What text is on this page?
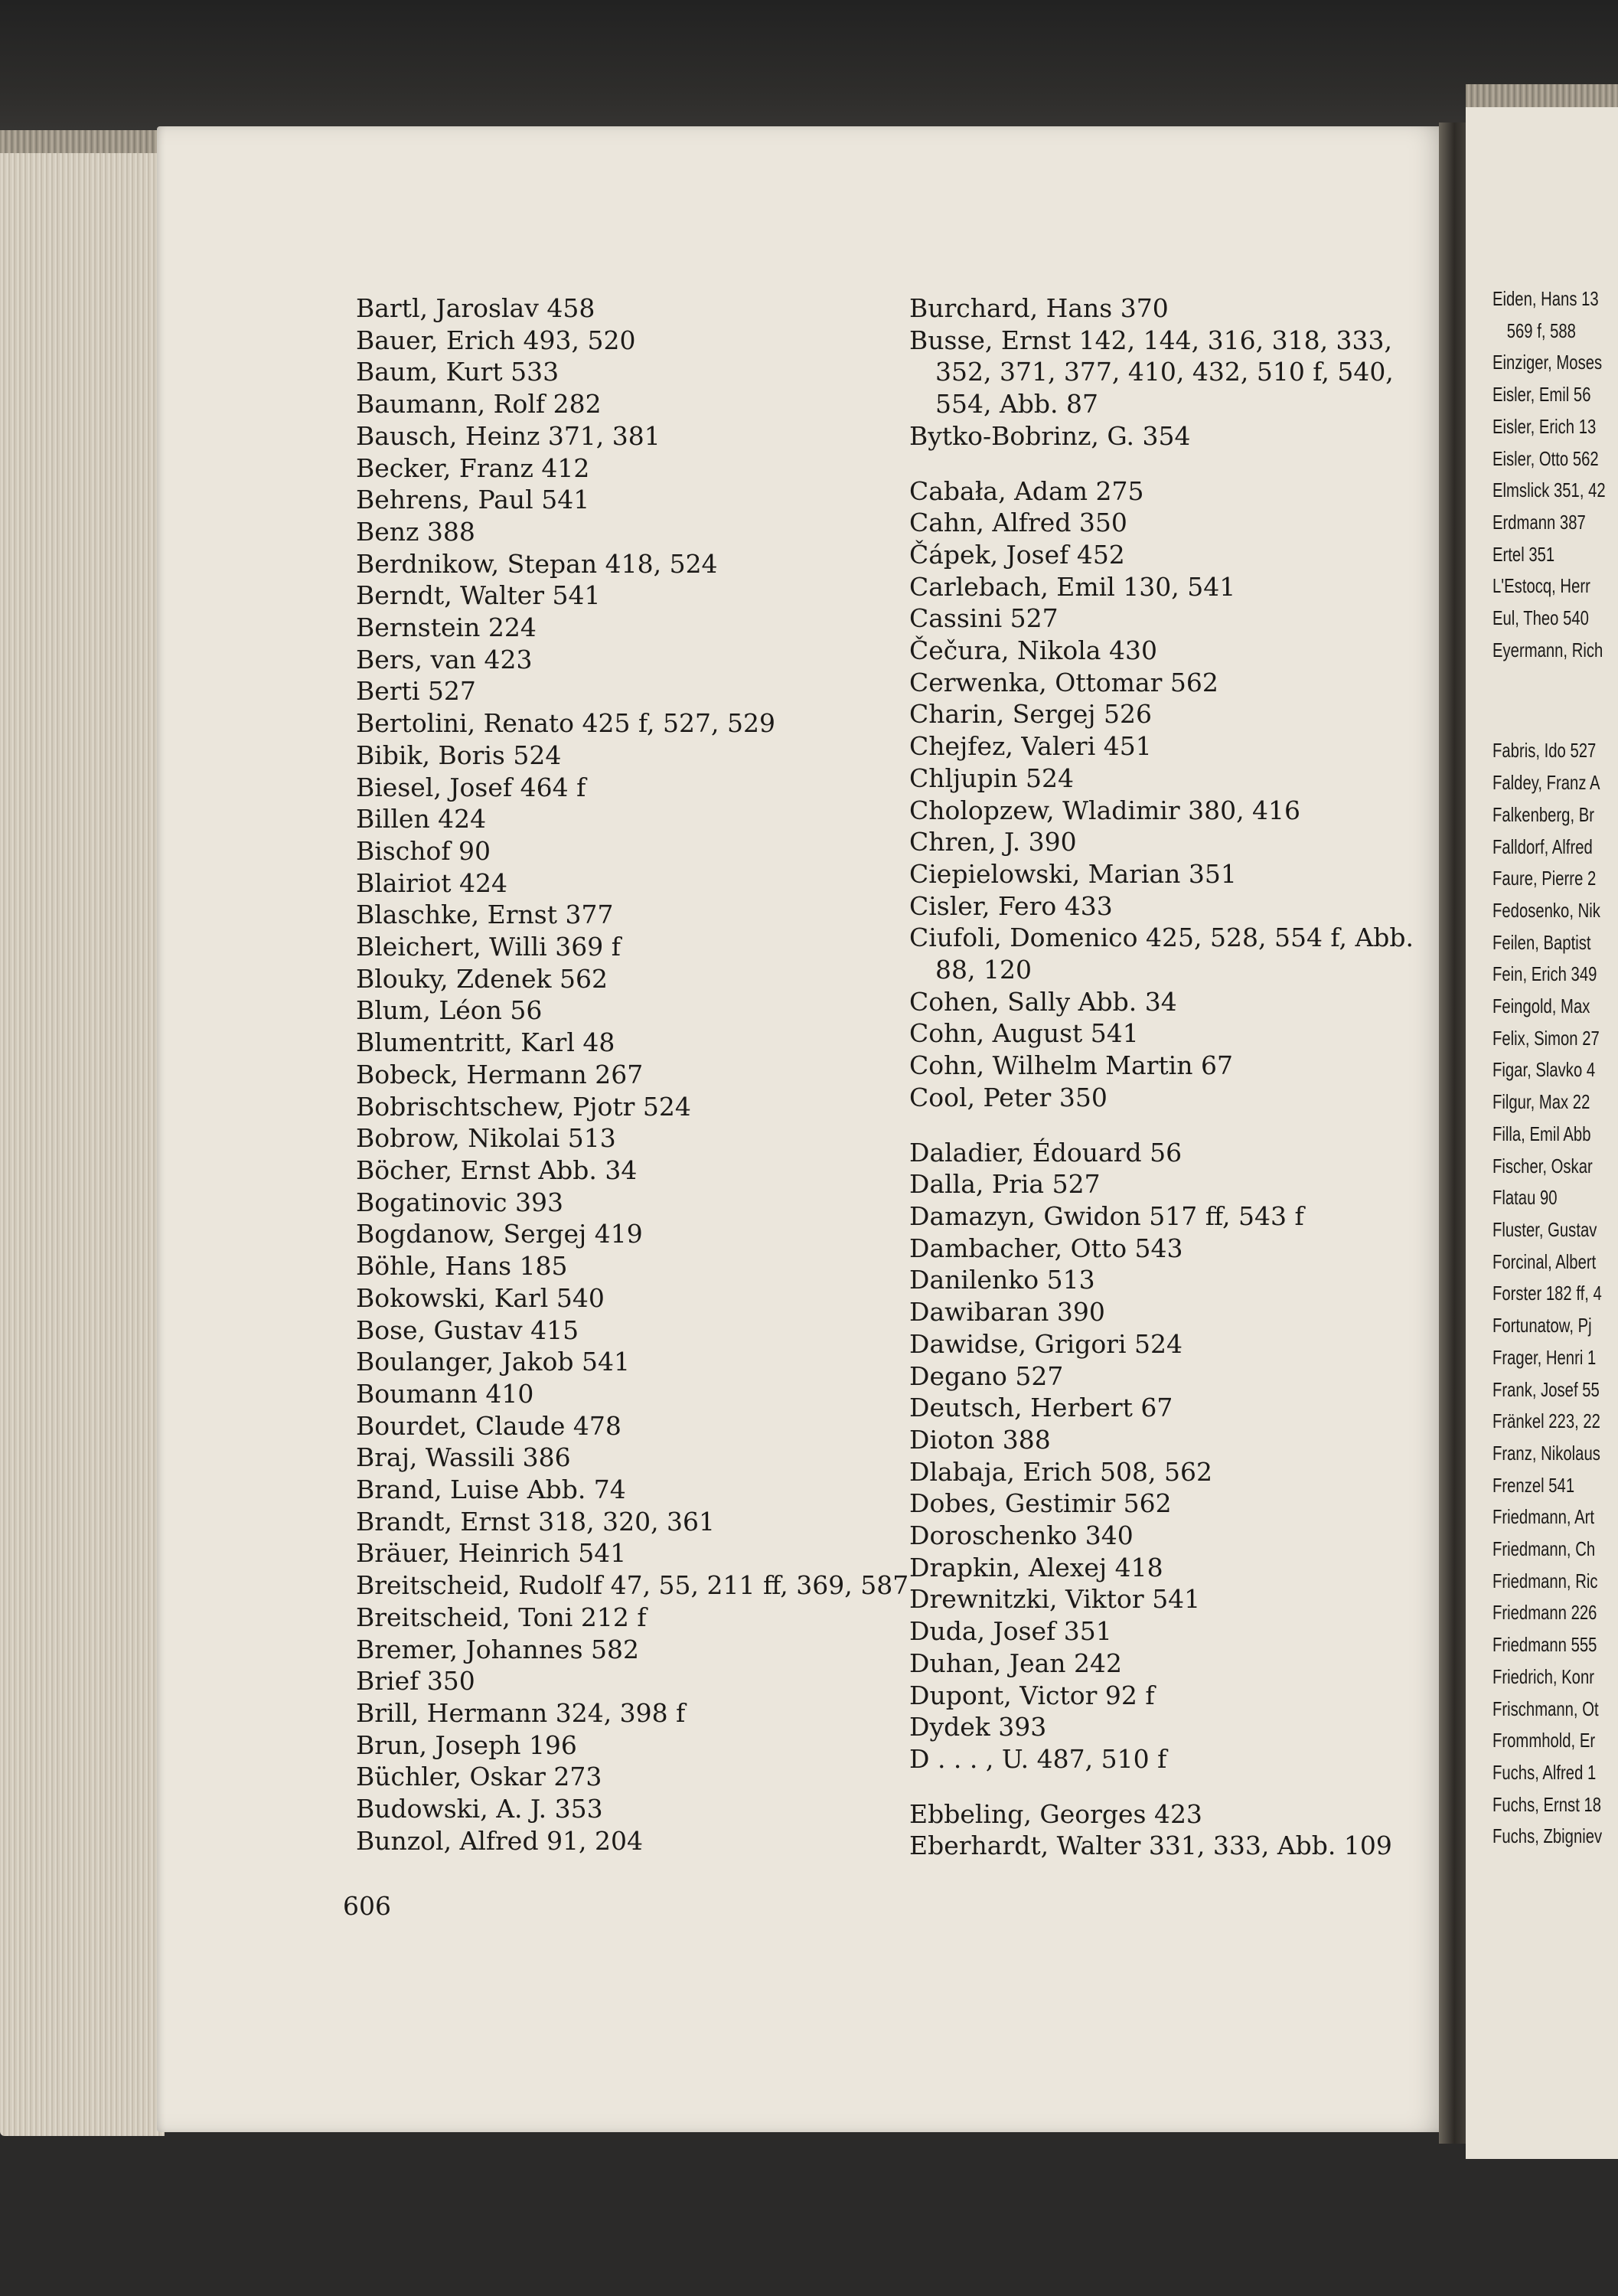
Bartl, Jaroslav 458
Bauer, Erich 493, 520
Baum, Kurt 533
Baumann, Rolf 282
Bausch, Heinz 371, 381
Becker, Franz 412
Behrens, Paul 541
Benz 388
Berdnikow, Stepan 418, 524
Berndt, Walter 541
Bernstein 224
Bers, van 423
Berti 527
Bertolini, Renato 425 f, 527, 529
Bibik, Boris 524
Biesel, Josef 464 f
Billen 424
Bischof 90
Blairiot 424
Blaschke, Ernst 377
Bleichert, Willi 369 f
Blouky, Zdenek 562
Blum, Léon 56
Blumentritt, Karl 48
Bobeck, Hermann 267
Bobrischtschew, Pjotr 524
Bobrow, Nikolai 513
Böcher, Ernst Abb. 34
Bogatinovic 393
Bogdanow, Sergej 419
Böhle, Hans 185
Bokowski, Karl 540
Bose, Gustav 415
Boulanger, Jakob 541
Boumann 410
Bourdet, Claude 478
Braj, Wassili 386
Brand, Luise Abb. 74
Brandt, Ernst 318, 320, 361
Bräuer, Heinrich 541
Breitscheid, Rudolf 47, 55, 211 ff, 369, 587
Breitscheid, Toni 212 f
Bremer, Johannes 582
Brief 350
Brill, Hermann 324, 398 f
Brun, Joseph 196
Büchler, Oskar 273
Budowski, A. J. 353
Bunzol, Alfred 91, 204
Burchard, Hans 370
Busse, Ernst 142, 144, 316, 318, 333, 352, 371, 377, 410, 432, 510 f, 540, 554, Abb. 87
Bytko-Bobrinz, G. 354
Cabała, Adam 275
Cahn, Alfred 350
Čápek, Josef 452
Carlebach, Emil 130, 541
Cassini 527
Čečura, Nikola 430
Cerwenka, Ottomar 562
Charin, Sergej 526
Chejfez, Valeri 451
Chljupin 524
Cholopzew, Wladimir 380, 416
Chren, J. 390
Ciepielowski, Marian 351
Cisler, Fero 433
Ciufoli, Domenico 425, 528, 554 f, Abb. 88, 120
Cohen, Sally Abb. 34
Cohn, August 541
Cohn, Wilhelm Martin 67
Cool, Peter 350
Daladier, Édouard 56
Dalla, Pria 527
Damazyn, Gwidon 517 ff, 543 f
Dambacher, Otto 543
Danilenko 513
Dawibaran 390
Dawidse, Grigori 524
Degano 527
Deutsch, Herbert 67
Dioton 388
Dlabaja, Erich 508, 562
Dobes, Gestimir 562
Doroschenko 340
Drapkin, Alexej 418
Drewnitzki, Viktor 541
Duda, Josef 351
Duhan, Jean 242
Dupont, Victor 92 f
Dydek 393
D . . . , U. 487, 510 f
Ebbeling, Georges 423
Eberhardt, Walter 331, 333, Abb. 109
Eiden, Hans 13
569 f, 588
Einziger, Moses
Eisler, Emil 56
Eisler, Erich 13
Eisler, Otto 562
Elmslick 351, 42
Erdmann 387
Ertel 351
L'Estocq, Herr
Eul, Theo 540
Eyermann, Rich
Fabris, Ido 527
Faldey, Franz A
Falkenberg, Br
Falldorf, Alfred
Faure, Pierre 2
Fedosenko, Nik
Feilen, Baptist
Fein, Erich 349
Feingold, Max
Felix, Simon 27
Figar, Slavko 4
Filgur, Max 22
Filla, Emil Abb
Fischer, Oskar
Flatau 90
Fluster, Gustav
Forcinal, Albert
Forster 182 ff, 4
Fortunatow, Pj
Frager, Henri 1
Frank, Josef 55
Fränkel 223, 22
Franz, Nikolaus
Frenzel 541
Friedmann, Art
Friedmann, Ch
Friedmann, Ric
Friedmann 226
Friedmann 555
Friedrich, Konr
Frischmann, Ot
Frommhold, Er
Fuchs, Alfred 1
Fuchs, Ernst 18
Fuchs, Zbigniev
606
